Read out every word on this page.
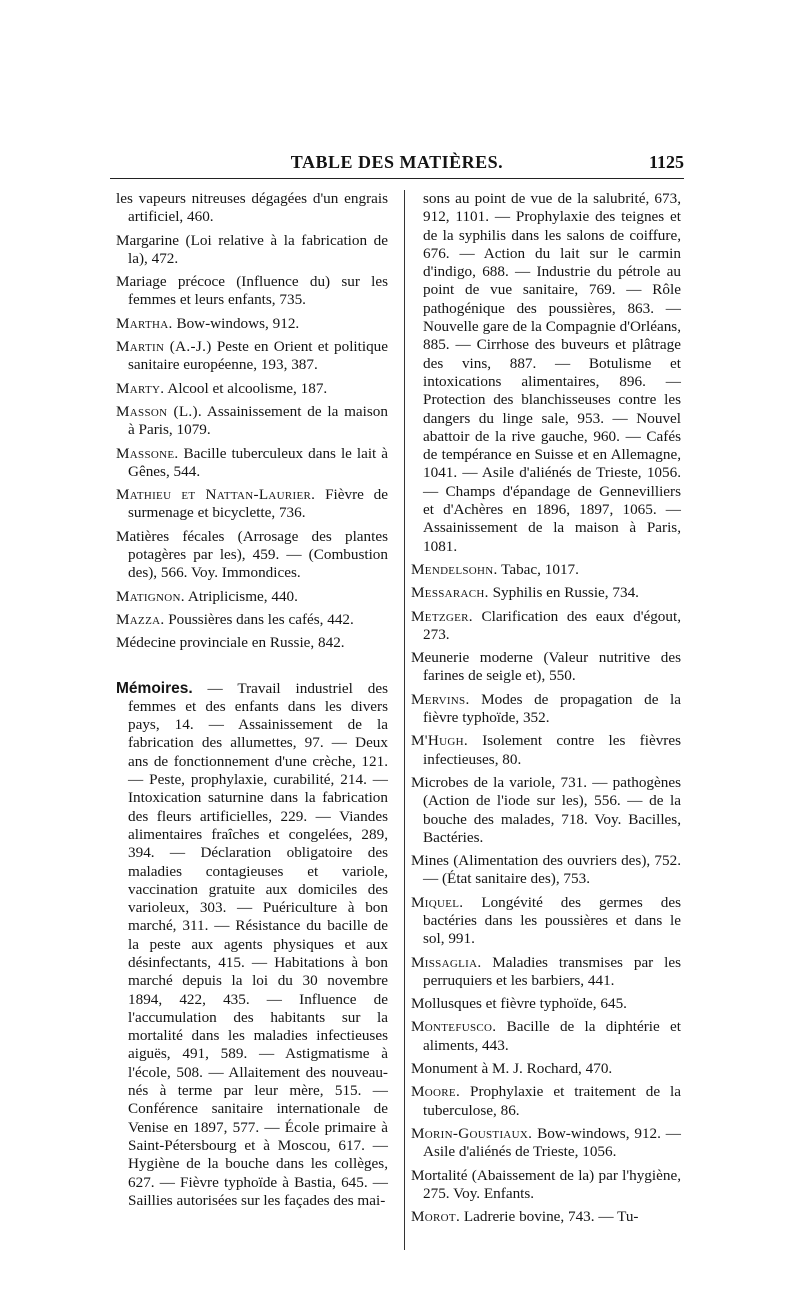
TABLE DES MATIÈRES.	1125
les vapeurs nitreuses dégagées d'un engrais artificiel, 460.
Margarine (Loi relative à la fabrication de la), 472.
Mariage précoce (Influence du) sur les femmes et leurs enfants, 735.
Martha. Bow-windows, 912.
Martin (A.-J.) Peste en Orient et politique sanitaire européenne, 193, 387.
Marty. Alcool et alcoolisme, 187.
Masson (L.). Assainissement de la maison à Paris, 1079.
Massone. Bacille tuberculeux dans le lait à Gênes, 544.
Mathieu et Nattan-Laurier. Fièvre de surmenage et bicyclette, 736.
Matières fécales (Arrosage des plantes potagères par les), 459. — (Combustion des), 566. Voy. Immondices.
Matignon. Atriplicisme, 440.
Mazza. Poussières dans les cafés, 442.
Médecine provinciale en Russie, 842.
Mémoires. — Travail industriel des femmes et des enfants dans les divers pays, 14. — Assainissement de la fabrication des allumettes, 97. — Deux ans de fonctionnement d'une crèche, 121. — Peste, prophylaxie, curabilité, 214. — Intoxication saturnine dans la fabrication des fleurs artificielles, 229. — Viandes alimentaires fraîches et congelées, 289, 394. — Déclaration obligatoire des maladies contagieuses et variole, vaccination gratuite aux domiciles des varioleux, 303. — Puériculture à bon marché, 311. — Résistance du bacille de la peste aux agents physiques et aux désinfectants, 415. — Habitations à bon marché depuis la loi du 30 novembre 1894, 422, 435. — Influence de l'accumulation des habitants sur la mortalité dans les maladies infectieuses aiguës, 491, 589. — Astigmatisme à l'école, 508. — Allaitement des nouveau-nés à terme par leur mère, 515. — Conférence sanitaire internationale de Venise en 1897, 577. — École primaire à Saint-Pétersbourg et à Moscou, 617. — Hygiène de la bouche dans les collèges, 627. — Fièvre typhoïde à Bastia, 645. — Saillies autorisées sur les façades des mai-
sons au point de vue de la salubrité, 673, 912, 1101. — Prophylaxie des teignes et de la syphilis dans les salons de coiffure, 676. — Action du lait sur le carmin d'indigo, 688. — Industrie du pétrole au point de vue sanitaire, 769. — Rôle pathogénique des poussières, 863. — Nouvelle gare de la Compagnie d'Orléans, 885. — Cirrhose des buveurs et plâtrage des vins, 887. — Botulisme et intoxications alimentaires, 896. — Protection des blanchisseuses contre les dangers du linge sale, 953. — Nouvel abattoir de la rive gauche, 960. — Cafés de tempérance en Suisse et en Allemagne, 1041. — Asile d'aliénés de Trieste, 1056. — Champs d'épandage de Gennevilliers et d'Achères en 1896, 1897, 1065. — Assainissement de la maison à Paris, 1081.
Mendelsohn. Tabac, 1017.
Messarach. Syphilis en Russie, 734.
Metzger. Clarification des eaux d'égout, 273.
Meunerie moderne (Valeur nutritive des farines de seigle et), 550.
Mervins. Modes de propagation de la fièvre typhoïde, 352.
M'Hugh. Isolement contre les fièvres infectieuses, 80.
Microbes de la variole, 731. — pathogènes (Action de l'iode sur les), 556. — de la bouche des malades, 718. Voy. Bacilles, Bactéries.
Mines (Alimentation des ouvriers des), 752. — (État sanitaire des), 753.
Miquel. Longévité des germes des bactéries dans les poussières et dans le sol, 991.
Missaglia. Maladies transmises par les perruquiers et les barbiers, 441.
Mollusques et fièvre typhoïde, 645.
Montefusco. Bacille de la diphtérie et aliments, 443.
Monument à M. J. Rochard, 470.
Moore. Prophylaxie et traitement de la tuberculose, 86.
Morin-Goustiaux. Bow-windows, 912. — Asile d'aliénés de Trieste, 1056.
Mortalité (Abaissement de la) par l'hygiène, 275. Voy. Enfants.
Morot. Ladrerie bovine, 743. — Tu-
